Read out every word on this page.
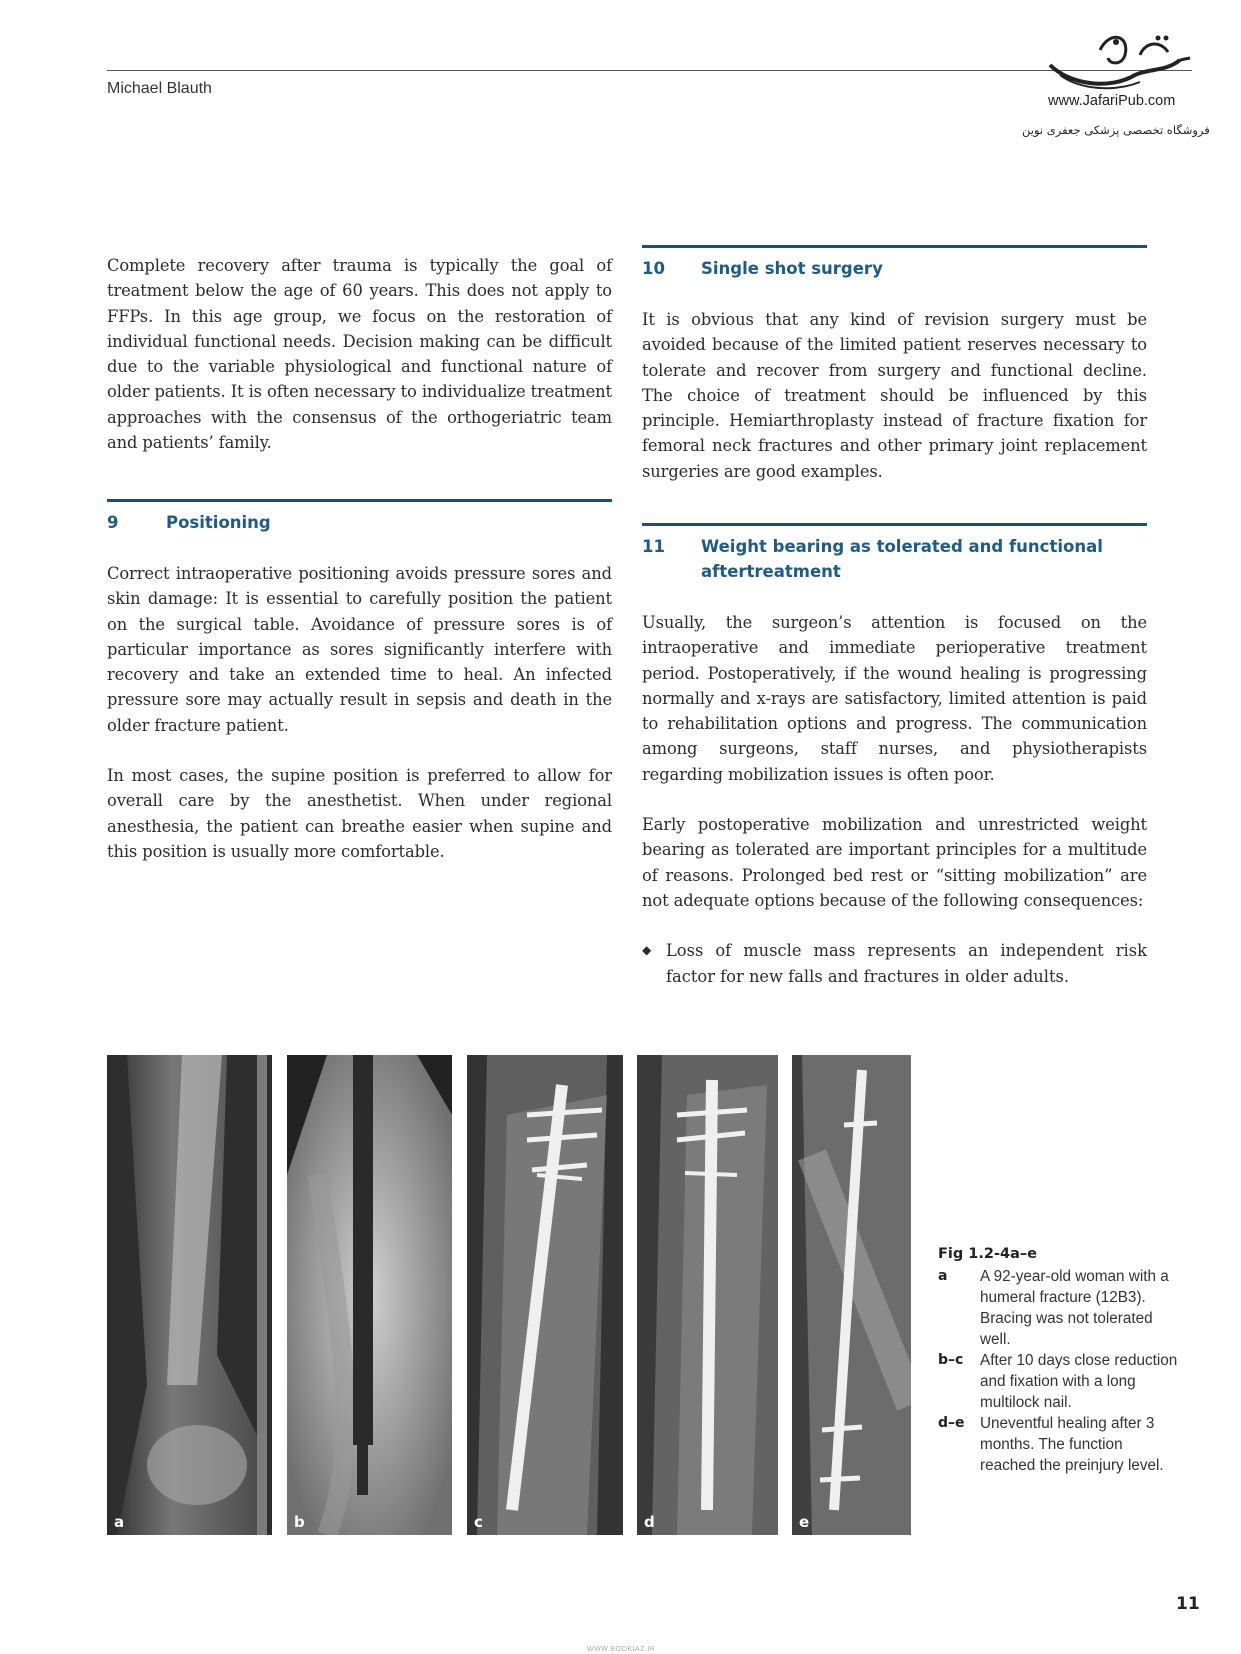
Michael Blauth
www.JafariPub.com
فروشگاه تخصصی پزشکی جعفری نوین

Complete recovery after trauma is typically the goal of treatment below the age of 60 years. This does not apply to FFPs. In this age group, we focus on the restoration of individual functional needs. Decision making can be difficult due to the variable physiological and functional nature of older patients. It is often necessary to individualize treatment approaches with the consensus of the orthogeriatric team and patients’ family.

9	Positioning

Correct intraoperative positioning avoids pressure sores and skin damage: It is essential to carefully position the patient on the surgical table. Avoidance of pressure sores is of particular importance as sores significantly interfere with recovery and take an extended time to heal. An infected pressure sore may actually result in sepsis and death in the older fracture patient.

In most cases, the supine position is preferred to allow for overall care by the anesthetist. When under regional anesthesia, the patient can breathe easier when supine and this position is usually more comfortable.

10	Single shot surgery

It is obvious that any kind of revision surgery must be avoided because of the limited patient reserves necessary to tolerate and recover from surgery and functional decline. The choice of treatment should be influenced by this principle. Hemiarthroplasty instead of fracture fixation for femoral neck fractures and other primary joint replacement surgeries are good examples.

11	Weight bearing as tolerated and functional aftertreatment

Usually, the surgeon’s attention is focused on the intraoperative and immediate perioperative treatment period. Postoperatively, if the wound healing is progressing normally and x-rays are satisfactory, limited attention is paid to rehabilitation options and progress. The communication among surgeons, staff nurses, and physiotherapists regarding mobilization issues is often poor.

Early postoperative mobilization and unrestricted weight bearing as tolerated are important principles for a multitude of reasons. Prolonged bed rest or “sitting mobilization” are not adequate options because of the following consequences:

◆ Loss of muscle mass represents an independent risk factor for new falls and fractures in older adults.
a	b	c	d	e
Fig 1.2-4a–e
a	A 92-year-old woman with a humeral fracture (12B3). Bracing was not tolerated well.
b–c	After 10 days close reduction and fixation with a long multilock nail.
d–e	Uneventful healing after 3 months. The function reached the preinjury level.
11
WWW.BOOKIAZ.IR
